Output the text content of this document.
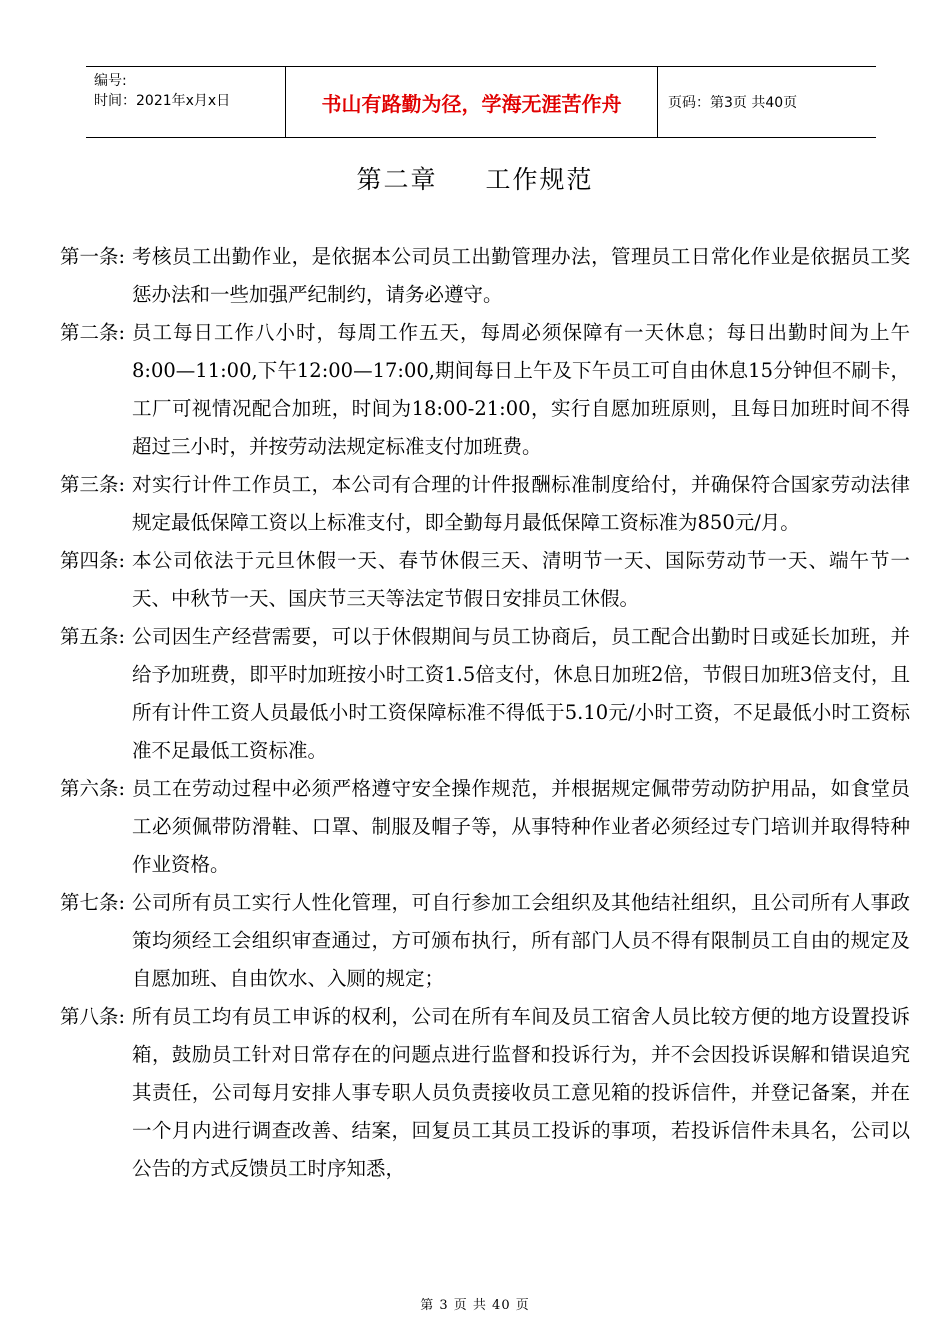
编号:
时间：2021年x月x日	书山有路勤为径，学海无涯苦作舟	页码：第3页 共40页
第二章 工作规范
第一条: 考核员工出勤作业，是依据本公司员工出勤管理办法，管理员工日常化作业是依据员工奖惩办法和一些加强严纪制约，请务必遵守。
第二条: 员工每日工作八小时，每周工作五天，每周必须保障有一天休息；每日出勤时间为上午8:00—11:00,下午12:00—17:00,期间每日上午及下午员工可自由休息15分钟但不刷卡，工厂可视情况配合加班，时间为18:00-21:00，实行自愿加班原则，且每日加班时间不得超过三小时，并按劳动法规定标准支付加班费。
第三条: 对实行计件工作员工，本公司有合理的计件报酬标准制度给付，并确保符合国家劳动法律规定最低保障工资以上标准支付，即全勤每月最低保障工资标准为850元/月。
第四条: 本公司依法于元旦休假一天、春节休假三天、清明节一天、国际劳动节一天、端午节一天、中秋节一天、国庆节三天等法定节假日安排员工休假。
第五条: 公司因生产经营需要，可以于休假期间与员工协商后，员工配合出勤时日或延长加班，并给予加班费，即平时加班按小时工资1.5倍支付，休息日加班2倍，节假日加班3倍支付，且所有计件工资人员最低小时工资保障标准不得低于5.10元/小时工资，不足最低小时工资标准不足最低工资标准。
第六条: 员工在劳动过程中必须严格遵守安全操作规范，并根据规定佩带劳动防护用品，如食堂员工必须佩带防滑鞋、口罩、制服及帽子等，从事特种作业者必须经过专门培训并取得特种作业资格。
第七条: 公司所有员工实行人性化管理，可自行参加工会组织及其他结社组织，且公司所有人事政策均须经工会组织审查通过，方可颁布执行，所有部门人员不得有限制员工自由的规定及自愿加班、自由饮水、入厕的规定；
第八条: 所有员工均有员工申诉的权利，公司在所有车间及员工宿舍人员比较方便的地方设置投诉箱，鼓励员工针对日常存在的问题点进行监督和投诉行为，并不会因投诉误解和错误追究其责任，公司每月安排人事专职人员负责接收员工意见箱的投诉信件，并登记备案，并在一个月内进行调查改善、结案，回复员工其员工投诉的事项，若投诉信件未具名，公司以公告的方式反馈员工时序知悉，
第 3 页 共 40 页
